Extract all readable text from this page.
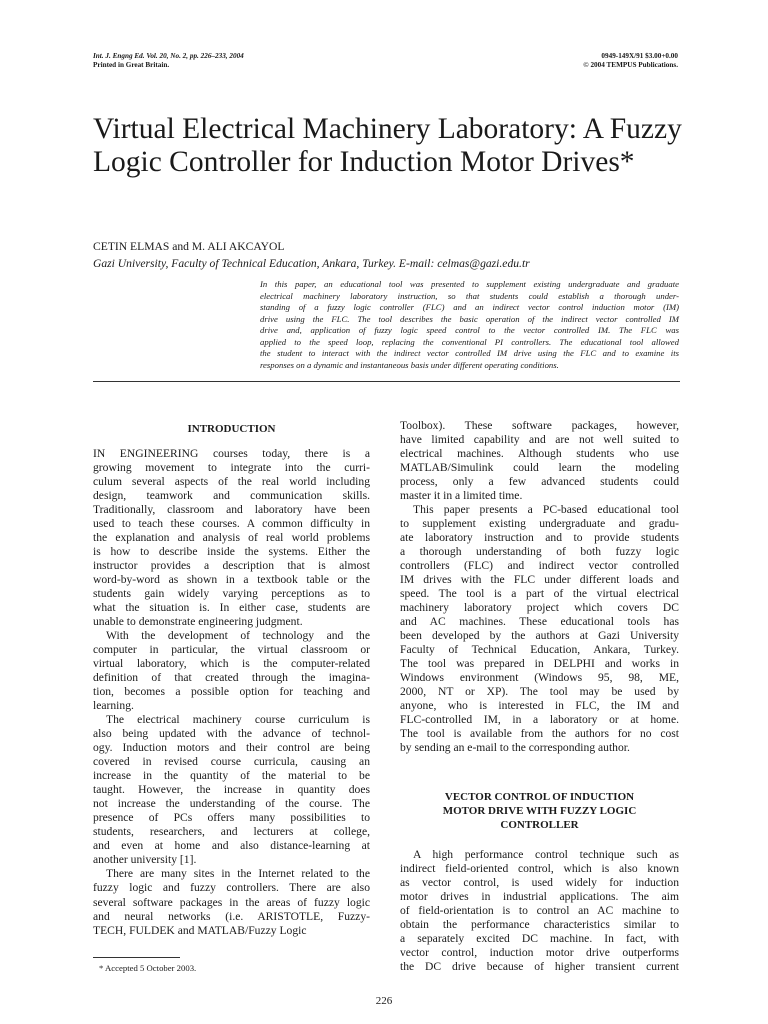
Int. J. Engng Ed. Vol. 20, No. 2, pp. 226–233, 2004
Printed in Great Britain.
0949-149X/91 $3.00+0.00
© 2004 TEMPUS Publications.
Virtual Electrical Machinery Laboratory: A Fuzzy Logic Controller for Induction Motor Drives*
CETIN ELMAS and M. ALI AKCAYOL
Gazi University, Faculty of Technical Education, Ankara, Turkey. E-mail: celmas@gazi.edu.tr
In this paper, an educational tool was presented to supplement existing undergraduate and graduate
electrical machinery laboratory instruction, so that students could establish a thorough under-
standing of a fuzzy logic controller (FLC) and an indirect vector control induction motor (IM)
drive using the FLC. The tool describes the basic operation of the indirect vector controlled IM
drive and, application of fuzzy logic speed control to the vector controlled IM. The FLC was
applied to the speed loop, replacing the conventional PI controllers. The educational tool allowed
the student to interact with the indirect vector controlled IM drive using the FLC and to examine its
responses on a dynamic and instantaneous basis under different operating conditions.
INTRODUCTION
IN ENGINEERING courses today, there is a
growing movement to integrate into the curri-
culum several aspects of the real world including
design, teamwork and communication skills.
Traditionally, classroom and laboratory have been
used to teach these courses. A common difficulty in
the explanation and analysis of real world problems
is how to describe inside the systems. Either the
instructor provides a description that is almost
word-by-word as shown in a textbook table or the
students gain widely varying perceptions as to
what the situation is. In either case, students are
unable to demonstrate engineering judgment.
With the development of technology and the
computer in particular, the virtual classroom or
virtual laboratory, which is the computer-related
definition of that created through the imagina-
tion, becomes a possible option for teaching and
learning.
The electrical machinery course curriculum is
also being updated with the advance of technol-
ogy. Induction motors and their control are being
covered in revised course curricula, causing an
increase in the quantity of the material to be
taught. However, the increase in quantity does
not increase the understanding of the course. The
presence of PCs offers many possibilities to
students, researchers, and lecturers at college,
and even at home and also distance-learning at
another university [1].
There are many sites in the Internet related to the
fuzzy logic and fuzzy controllers. There are also
several software packages in the areas of fuzzy logic
and neural networks (i.e. ARISTOTLE, Fuzzy-
TECH, FULDEK and MATLAB/Fuzzy Logic
Toolbox). These software packages, however,
have limited capability and are not well suited to
electrical machines. Although students who use
MATLAB/Simulink could learn the modeling
process, only a few advanced students could
master it in a limited time.
This paper presents a PC-based educational tool
to supplement existing undergraduate and gradu-
ate laboratory instruction and to provide students
a thorough understanding of both fuzzy logic
controllers (FLC) and indirect vector controlled
IM drives with the FLC under different loads and
speed. The tool is a part of the virtual electrical
machinery laboratory project which covers DC
and AC machines. These educational tools has
been developed by the authors at Gazi University
Faculty of Technical Education, Ankara, Turkey.
The tool was prepared in DELPHI and works in
Windows environment (Windows 95, 98, ME,
2000, NT or XP). The tool may be used by
anyone, who is interested in FLC, the IM and
FLC-controlled IM, in a laboratory or at home.
The tool is available from the authors for no cost
by sending an e-mail to the corresponding author.
VECTOR CONTROL OF INDUCTION
MOTOR DRIVE WITH FUZZY LOGIC
CONTROLLER
A high performance control technique such as
indirect field-oriented control, which is also known
as vector control, is used widely for induction
motor drives in industrial applications. The aim
of field-orientation is to control an AC machine to
obtain the performance characteristics similar to
a separately excited DC machine. In fact, with
vector control, induction motor drive outperforms
the DC drive because of higher transient current
* Accepted 5 October 2003.
226
